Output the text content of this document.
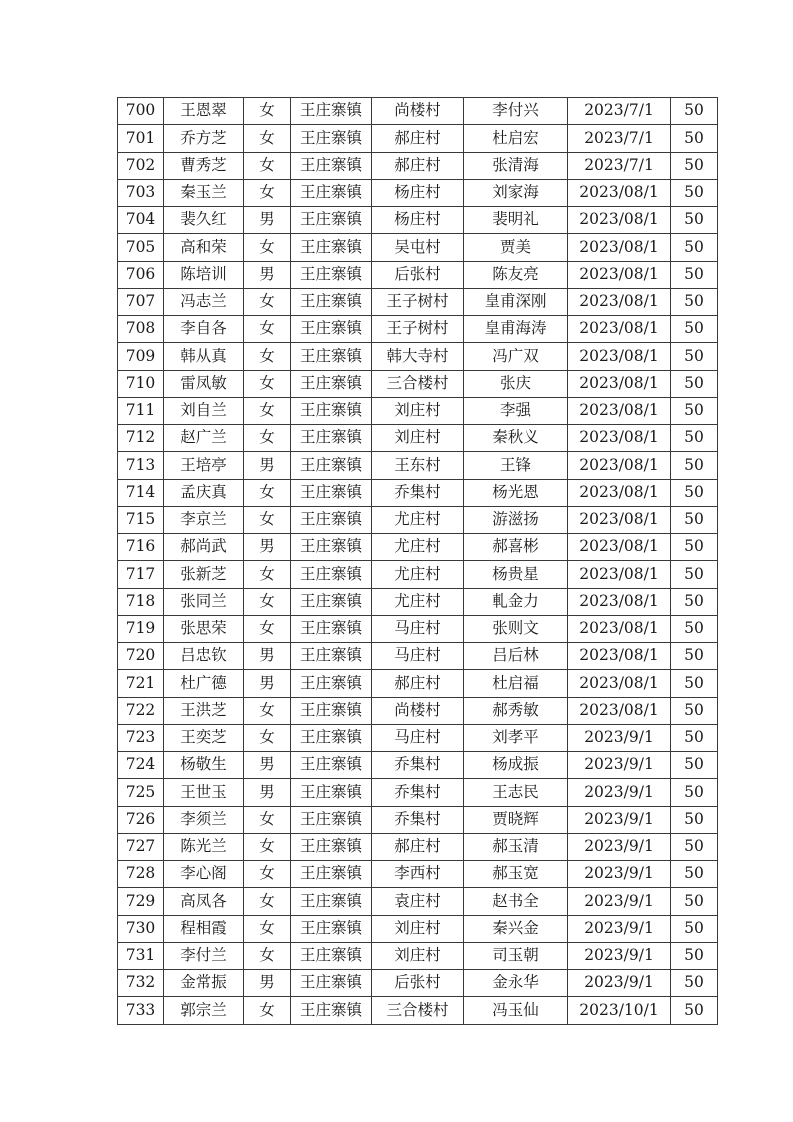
700	王恩翠	女	王庄寨镇	尚楼村	李付兴	2023/7/1	50
701	乔方芝	女	王庄寨镇	郝庄村	杜启宏	2023/7/1	50
702	曹秀芝	女	王庄寨镇	郝庄村	张清海	2023/7/1	50
703	秦玉兰	女	王庄寨镇	杨庄村	刘家海	2023/08/1	50
704	裴久红	男	王庄寨镇	杨庄村	裴明礼	2023/08/1	50
705	高和荣	女	王庄寨镇	吴屯村	贾美	2023/08/1	50
706	陈培训	男	王庄寨镇	后张村	陈友亮	2023/08/1	50
707	冯志兰	女	王庄寨镇	王子树村	皇甫深刚	2023/08/1	50
708	李自各	女	王庄寨镇	王子树村	皇甫海涛	2023/08/1	50
709	韩从真	女	王庄寨镇	韩大寺村	冯广双	2023/08/1	50
710	雷凤敏	女	王庄寨镇	三合楼村	张庆	2023/08/1	50
711	刘自兰	女	王庄寨镇	刘庄村	李强	2023/08/1	50
712	赵广兰	女	王庄寨镇	刘庄村	秦秋义	2023/08/1	50
713	王培亭	男	王庄寨镇	王东村	王锋	2023/08/1	50
714	孟庆真	女	王庄寨镇	乔集村	杨光恩	2023/08/1	50
715	李京兰	女	王庄寨镇	尤庄村	游滋扬	2023/08/1	50
716	郝尚武	男	王庄寨镇	尤庄村	郝喜彬	2023/08/1	50
717	张新芝	女	王庄寨镇	尤庄村	杨贵星	2023/08/1	50
718	张同兰	女	王庄寨镇	尤庄村	軋金力	2023/08/1	50
719	张思荣	女	王庄寨镇	马庄村	张则文	2023/08/1	50
720	吕忠钦	男	王庄寨镇	马庄村	吕后林	2023/08/1	50
721	杜广德	男	王庄寨镇	郝庄村	杜启福	2023/08/1	50
722	王洪芝	女	王庄寨镇	尚楼村	郝秀敏	2023/08/1	50
723	王奕芝	女	王庄寨镇	马庄村	刘孝平	2023/9/1	50
724	杨敬生	男	王庄寨镇	乔集村	杨成振	2023/9/1	50
725	王世玉	男	王庄寨镇	乔集村	王志民	2023/9/1	50
726	李须兰	女	王庄寨镇	乔集村	贾晓辉	2023/9/1	50
727	陈光兰	女	王庄寨镇	郝庄村	郝玉清	2023/9/1	50
728	李心阁	女	王庄寨镇	李西村	郝玉宽	2023/9/1	50
729	高凤各	女	王庄寨镇	袁庄村	赵书全	2023/9/1	50
730	程相霞	女	王庄寨镇	刘庄村	秦兴金	2023/9/1	50
731	李付兰	女	王庄寨镇	刘庄村	司玉朝	2023/9/1	50
732	金常振	男	王庄寨镇	后张村	金永华	2023/9/1	50
733	郭宗兰	女	王庄寨镇	三合楼村	冯玉仙	2023/10/1	50
